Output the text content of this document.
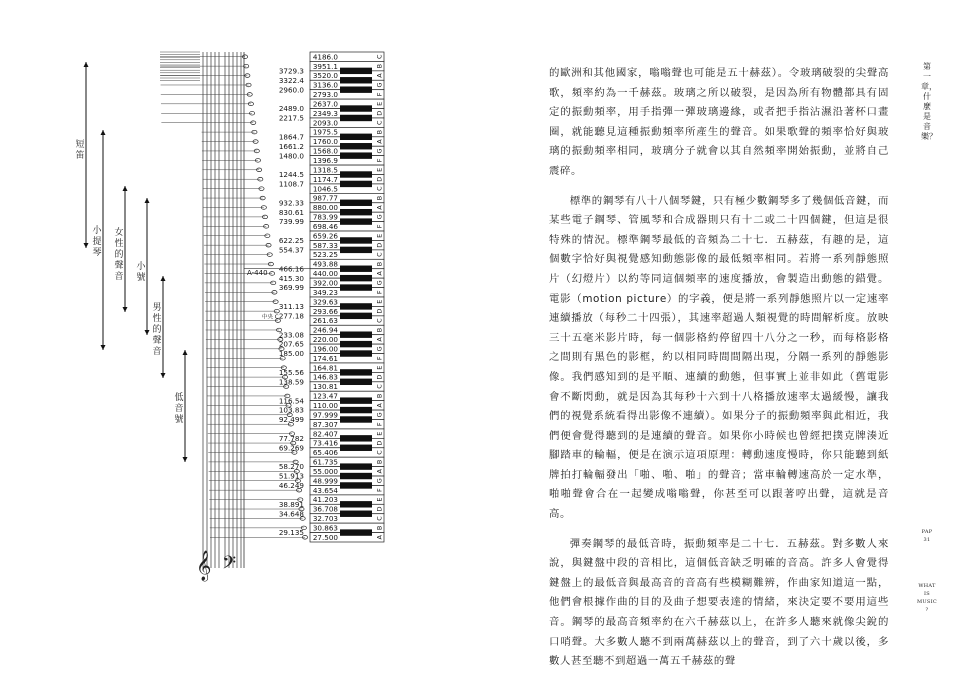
𝄞 𝄢
4186.0	C
3951.1	B
3520.0	A
3136.0	G
2793.0	F
2637.0	E
2349.3	D
2093.0	C
1975.5	B
1760.0	A
1568.0	G
1396.9	F
1318.5	E
1174.7	D
1046.5	C
987.77	B
880.00	A
783.99	G
698.46	F
659.26	E
587.33	D
523.25	C
493.88	B
440.00	A
392.00	G
349.23	F
329.63	E
293.66	D
261.63	C
246.94	B
220.00	A
196.00	G
174.61	F
164.81	E
146.83	D
130.81	C
123.47	B
110.00	A
97.999	G
87.307	F
82.407	E
73.416	D
65.406	C
61.735	B
55.000	A
48.999	G
43.654	F
41.203	E
36.708	D
32.703	C
30.863	B
27.500	A
3729.3
3322.4
2960.0
2489.0
2217.5
1864.7
1661.2
1480.0
1244.5
1108.7
932.33
830.61
739.99
622.25
554.37
466.16
415.30
369.99
311.13
277.18
233.08
207.65
185.00
155.56
138.59
116.54
103.83
92.499
77.782
69.269
58.270
51.913
46.249
38.891
34.648
29.135
A-440
中央 C
短笛
小提琴
女性的聲音
小號
男性的聲音
低音號

的歐洲和其他國家，嗡嗡聲也可能是五十赫茲）。令玻璃破裂的尖聲高歌，頻率約為一千赫茲。玻璃之所以破裂，是因為所有物體都具有固定的振動頻率，用手指彈一彈玻璃邊緣，或者把手指沾濕沿著杯口畫圈，就能聽見這種振動頻率所產生的聲音。如果歌聲的頻率恰好與玻璃的振動頻率相同，玻璃分子就會以其自然頻率開始振動，並將自己震碎。

標準的鋼琴有八十八個琴鍵，只有極少數鋼琴多了幾個低音鍵，而某些電子鋼琴、管風琴和合成器則只有十二或二十四個鍵，但這是很特殊的情況。標準鋼琴最低的音頻為二十七．五赫茲，有趣的是，這個數字恰好與視覺感知動態影像的最低頻率相同。若將一系列靜態照片（幻燈片）以約等同這個頻率的速度播放，會製造出動態的錯覺。電影（motion picture）的字義，便是將一系列靜態照片以一定速率連續播放（每秒二十四張），其速率超過人類視覺的時間解析度。放映三十五毫米影片時，每一個影格約停留四十八分之一秒，而每格影格之間則有黑色的影框，約以相同時間間隔出現，分隔一系列的靜態影像。我們感知到的是平順、連續的動態，但事實上並非如此（舊電影會不斷閃動，就是因為其每秒十六到十八格播放速率太過緩慢，讓我們的視覺系統看得出影像不連續）。如果分子的振動頻率與此相近，我們便會覺得聽到的是連續的聲音。如果你小時候也曾經把撲克牌湊近腳踏車的輪輻，便是在演示這項原理：轉動速度慢時，你只能聽到紙牌拍打輪輻發出「啪、啪、啪」的聲音；當車輪轉速高於一定水準，啪啪聲會合在一起變成嗡嗡聲，你甚至可以跟著哼出聲，這就是音高。

彈奏鋼琴的最低音時，振動頻率是二十七．五赫茲。對多數人來說，與鍵盤中段的音相比，這個低音缺乏明確的音高。許多人會覺得鍵盤上的最低音與最高音的音高有些模糊難辨，作曲家知道這一點，他們會根據作曲的目的及曲子想要表達的情緒，來決定要不要用這些音。鋼琴的最高音頻率約在六千赫茲以上，在許多人聽來就像尖銳的口哨聲。大多數人聽不到兩萬赫茲以上的聲音，到了六十歲以後，多數人甚至聽不到超過一萬五千赫茲的聲

第一章，什麼是音樂？
PAP
31
WHAT
IS
MUSIC
?
